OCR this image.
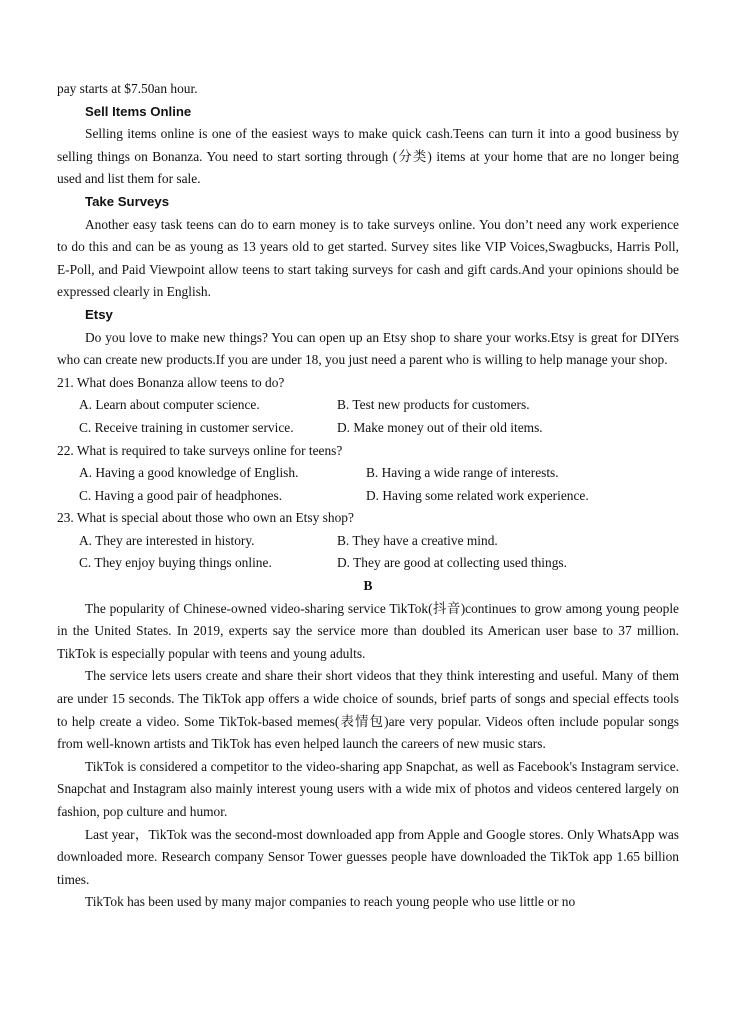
pay starts at $7.50an hour.

Sell Items Online

Selling items online is one of the easiest ways to make quick cash.Teens can turn it into a good business by selling things on Bonanza. You need to start sorting through (分类) items at your home that are no longer being used and list them for sale.

Take Surveys

Another easy task teens can do to earn money is to take surveys online. You don’t need any work experience to do this and can be as young as 13 years old to get started. Survey sites like VIP Voices,Swagbucks, Harris Poll, E-Poll, and Paid Viewpoint allow teens to start taking surveys for cash and gift cards.And your opinions should be expressed clearly in English.

Etsy

Do you love to make new things? You can open up an Etsy shop to share your works.Etsy is great for DIYers who can create new products.If you are under 18, you just need a parent who is willing to help manage your shop.

21. What does Bonanza allow teens to do?

A. Learn about computer science.	B. Test new products for customers.
C. Receive training in customer service.	D. Make money out of their old items.

22. What is required to take surveys online for teens?

A. Having a good knowledge of English.	B. Having a wide range of interests.
C. Having a good pair of headphones.	D. Having some related work experience.

23. What is special about those who own an Etsy shop?

A. They are interested in history.	B. They have a creative mind.
C. They enjoy buying things online.	D. They are good at collecting used things.

B

The popularity of Chinese-owned video-sharing service TikTok(抖音)continues to grow among young people in the United States. In 2019, experts say the service more than doubled its American user base to 37 million. TikTok is especially popular with teens and young adults.

The service lets users create and share their short videos that they think interesting and useful. Many of them are under 15 seconds. The TikTok app offers a wide choice of sounds, brief parts of songs and special effects tools to help create a video. Some TikTok-based memes(表情包)are very popular. Videos often include popular songs from well-known artists and TikTok has even helped launch the careers of new music stars.

TikTok is considered a competitor to the video-sharing app Snapchat, as well as Facebook's Instagram service. Snapchat and Instagram also mainly interest young users with a wide mix of photos and videos centered largely on fashion, pop culture and humor.

Last year，TikTok was the second-most downloaded app from Apple and Google stores. Only WhatsApp was downloaded more. Research company Sensor Tower guesses people have downloaded the TikTok app 1.65 billion times.

TikTok has been used by many major companies to reach young people who use little or no
